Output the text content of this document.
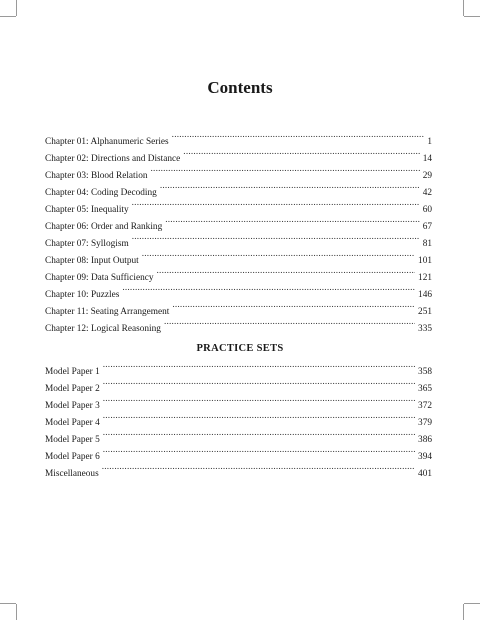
Contents
Chapter 01: Alphanumeric Series .....	1
Chapter 02: Directions and Distance .....	14
Chapter 03: Blood Relation .....	29
Chapter 04: Coding Decoding .....	42
Chapter 05: Inequality .....	60
Chapter 06: Order and Ranking .....	67
Chapter 07: Syllogism .....	81
Chapter 08: Input Output .....	101
Chapter 09: Data Sufficiency .....	121
Chapter 10: Puzzles .....	146
Chapter 11: Seating Arrangement .....	251
Chapter 12: Logical Reasoning .....	335
PRACTICE SETS
Model Paper 1 .....	358
Model Paper 2 .....	365
Model Paper 3 .....	372
Model Paper 4 .....	379
Model Paper 5 .....	386
Model Paper 6 .....	394
Miscellaneous .....	401
